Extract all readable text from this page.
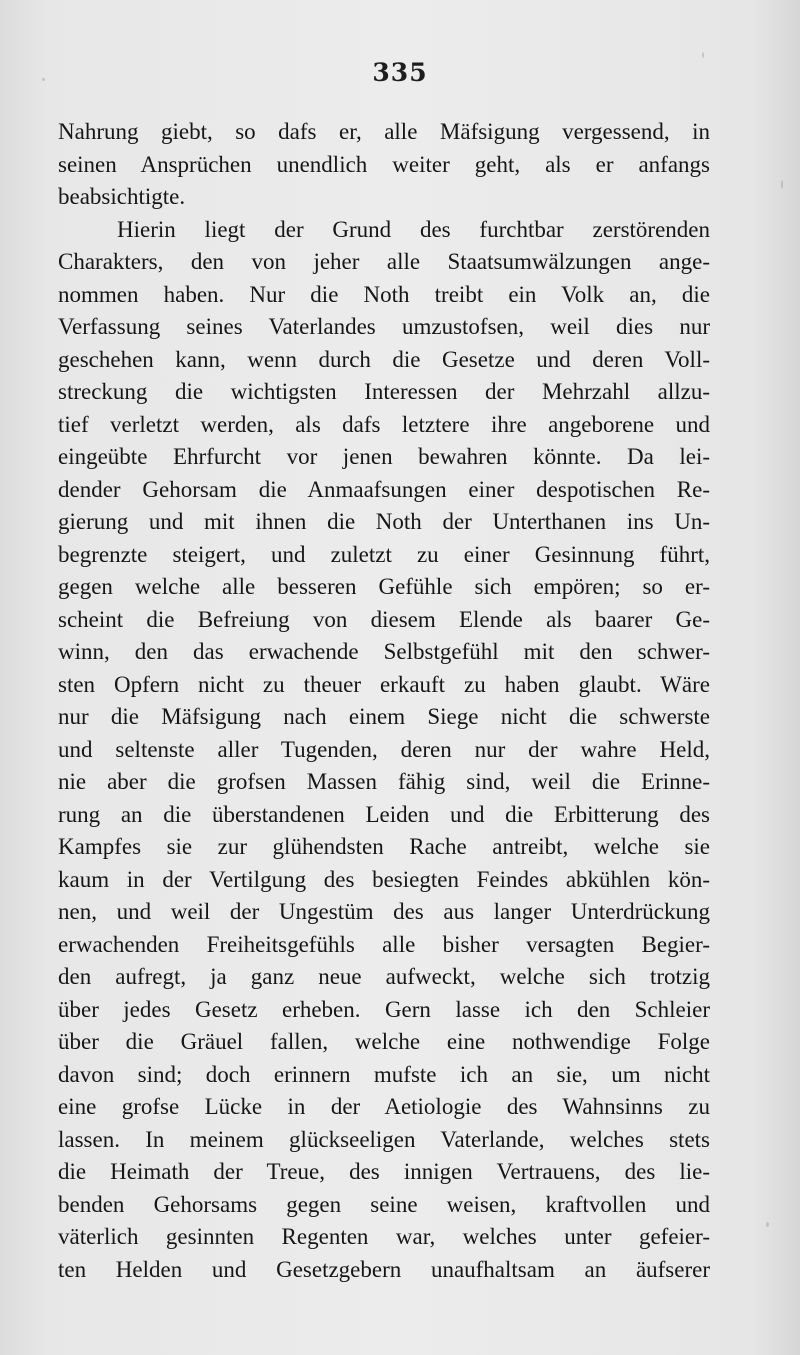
335
Nahrung giebt, so dafs er, alle Mäfsigung vergessend, in
seinen Ansprüchen unendlich weiter geht, als er anfangs
beabsichtigte.
Hierin liegt der Grund des furchtbar zerstörenden
Charakters, den von jeher alle Staatsumwälzungen ange-
nommen haben. Nur die Noth treibt ein Volk an, die
Verfassung seines Vaterlandes umzustofsen, weil dies nur
geschehen kann, wenn durch die Gesetze und deren Voll-
streckung die wichtigsten Interessen der Mehrzahl allzu-
tief verletzt werden, als dafs letztere ihre angeborene und
eingeübte Ehrfurcht vor jenen bewahren könnte. Da lei-
dender Gehorsam die Anmaafsungen einer despotischen Re-
gierung und mit ihnen die Noth der Unterthanen ins Un-
begrenzte steigert, und zuletzt zu einer Gesinnung führt,
gegen welche alle besseren Gefühle sich empören; so er-
scheint die Befreiung von diesem Elende als baarer Ge-
winn, den das erwachende Selbstgefühl mit den schwer-
sten Opfern nicht zu theuer erkauft zu haben glaubt. Wäre
nur die Mäfsigung nach einem Siege nicht die schwerste
und seltenste aller Tugenden, deren nur der wahre Held,
nie aber die grofsen Massen fähig sind, weil die Erinne-
rung an die überstandenen Leiden und die Erbitterung des
Kampfes sie zur glühendsten Rache antreibt, welche sie
kaum in der Vertilgung des besiegten Feindes abkühlen kön-
nen, und weil der Ungestüm des aus langer Unterdrückung
erwachenden Freiheitsgefühls alle bisher versagten Begier-
den aufregt, ja ganz neue aufweckt, welche sich trotzig
über jedes Gesetz erheben. Gern lasse ich den Schleier
über die Gräuel fallen, welche eine nothwendige Folge
davon sind; doch erinnern mufste ich an sie, um nicht
eine grofse Lücke in der Aetiologie des Wahnsinns zu
lassen. In meinem glückseeligen Vaterlande, welches stets
die Heimath der Treue, des innigen Vertrauens, des lie-
benden Gehorsams gegen seine weisen, kraftvollen und
väterlich gesinnten Regenten war, welches unter gefeier-
ten Helden und Gesetzgebern unaufhaltsam an äufserer
